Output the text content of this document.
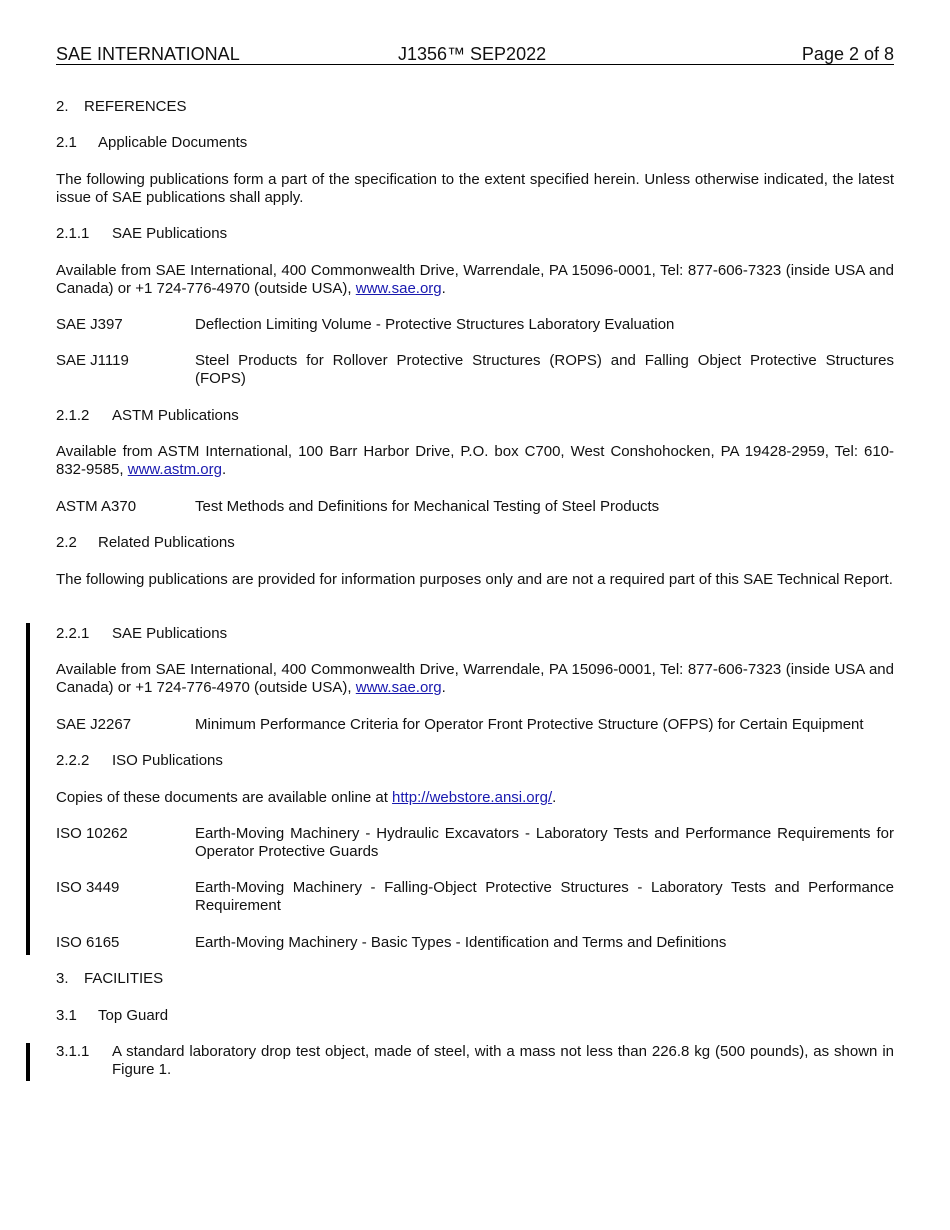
SAE INTERNATIONAL	J1356™ SEP2022	Page 2 of 8
2. REFERENCES
2.1 Applicable Documents
The following publications form a part of the specification to the extent specified herein. Unless otherwise indicated, the latest issue of SAE publications shall apply.
2.1.1 SAE Publications
Available from SAE International, 400 Commonwealth Drive, Warrendale, PA 15096-0001, Tel: 877-606-7323 (inside USA and Canada) or +1 724-776-4970 (outside USA), www.sae.org.
SAE J397	Deflection Limiting Volume - Protective Structures Laboratory Evaluation
SAE J1119	Steel Products for Rollover Protective Structures (ROPS) and Falling Object Protective Structures (FOPS)
2.1.2 ASTM Publications
Available from ASTM International, 100 Barr Harbor Drive, P.O. box C700, West Conshohocken, PA 19428-2959, Tel: 610-832-9585, www.astm.org.
ASTM A370	Test Methods and Definitions for Mechanical Testing of Steel Products
2.2 Related Publications
The following publications are provided for information purposes only and are not a required part of this SAE Technical Report.
2.2.1 SAE Publications
Available from SAE International, 400 Commonwealth Drive, Warrendale, PA 15096-0001, Tel: 877-606-7323 (inside USA and Canada) or +1 724-776-4970 (outside USA), www.sae.org.
SAE J2267	Minimum Performance Criteria for Operator Front Protective Structure (OFPS) for Certain Equipment
2.2.2 ISO Publications
Copies of these documents are available online at http://webstore.ansi.org/.
ISO 10262	Earth-Moving Machinery - Hydraulic Excavators - Laboratory Tests and Performance Requirements for Operator Protective Guards
ISO 3449	Earth-Moving Machinery - Falling-Object Protective Structures - Laboratory Tests and Performance Requirement
ISO 6165	Earth-Moving Machinery - Basic Types - Identification and Terms and Definitions
3. FACILITIES
3.1 Top Guard
3.1.1 A standard laboratory drop test object, made of steel, with a mass not less than 226.8 kg (500 pounds), as shown in Figure 1.
